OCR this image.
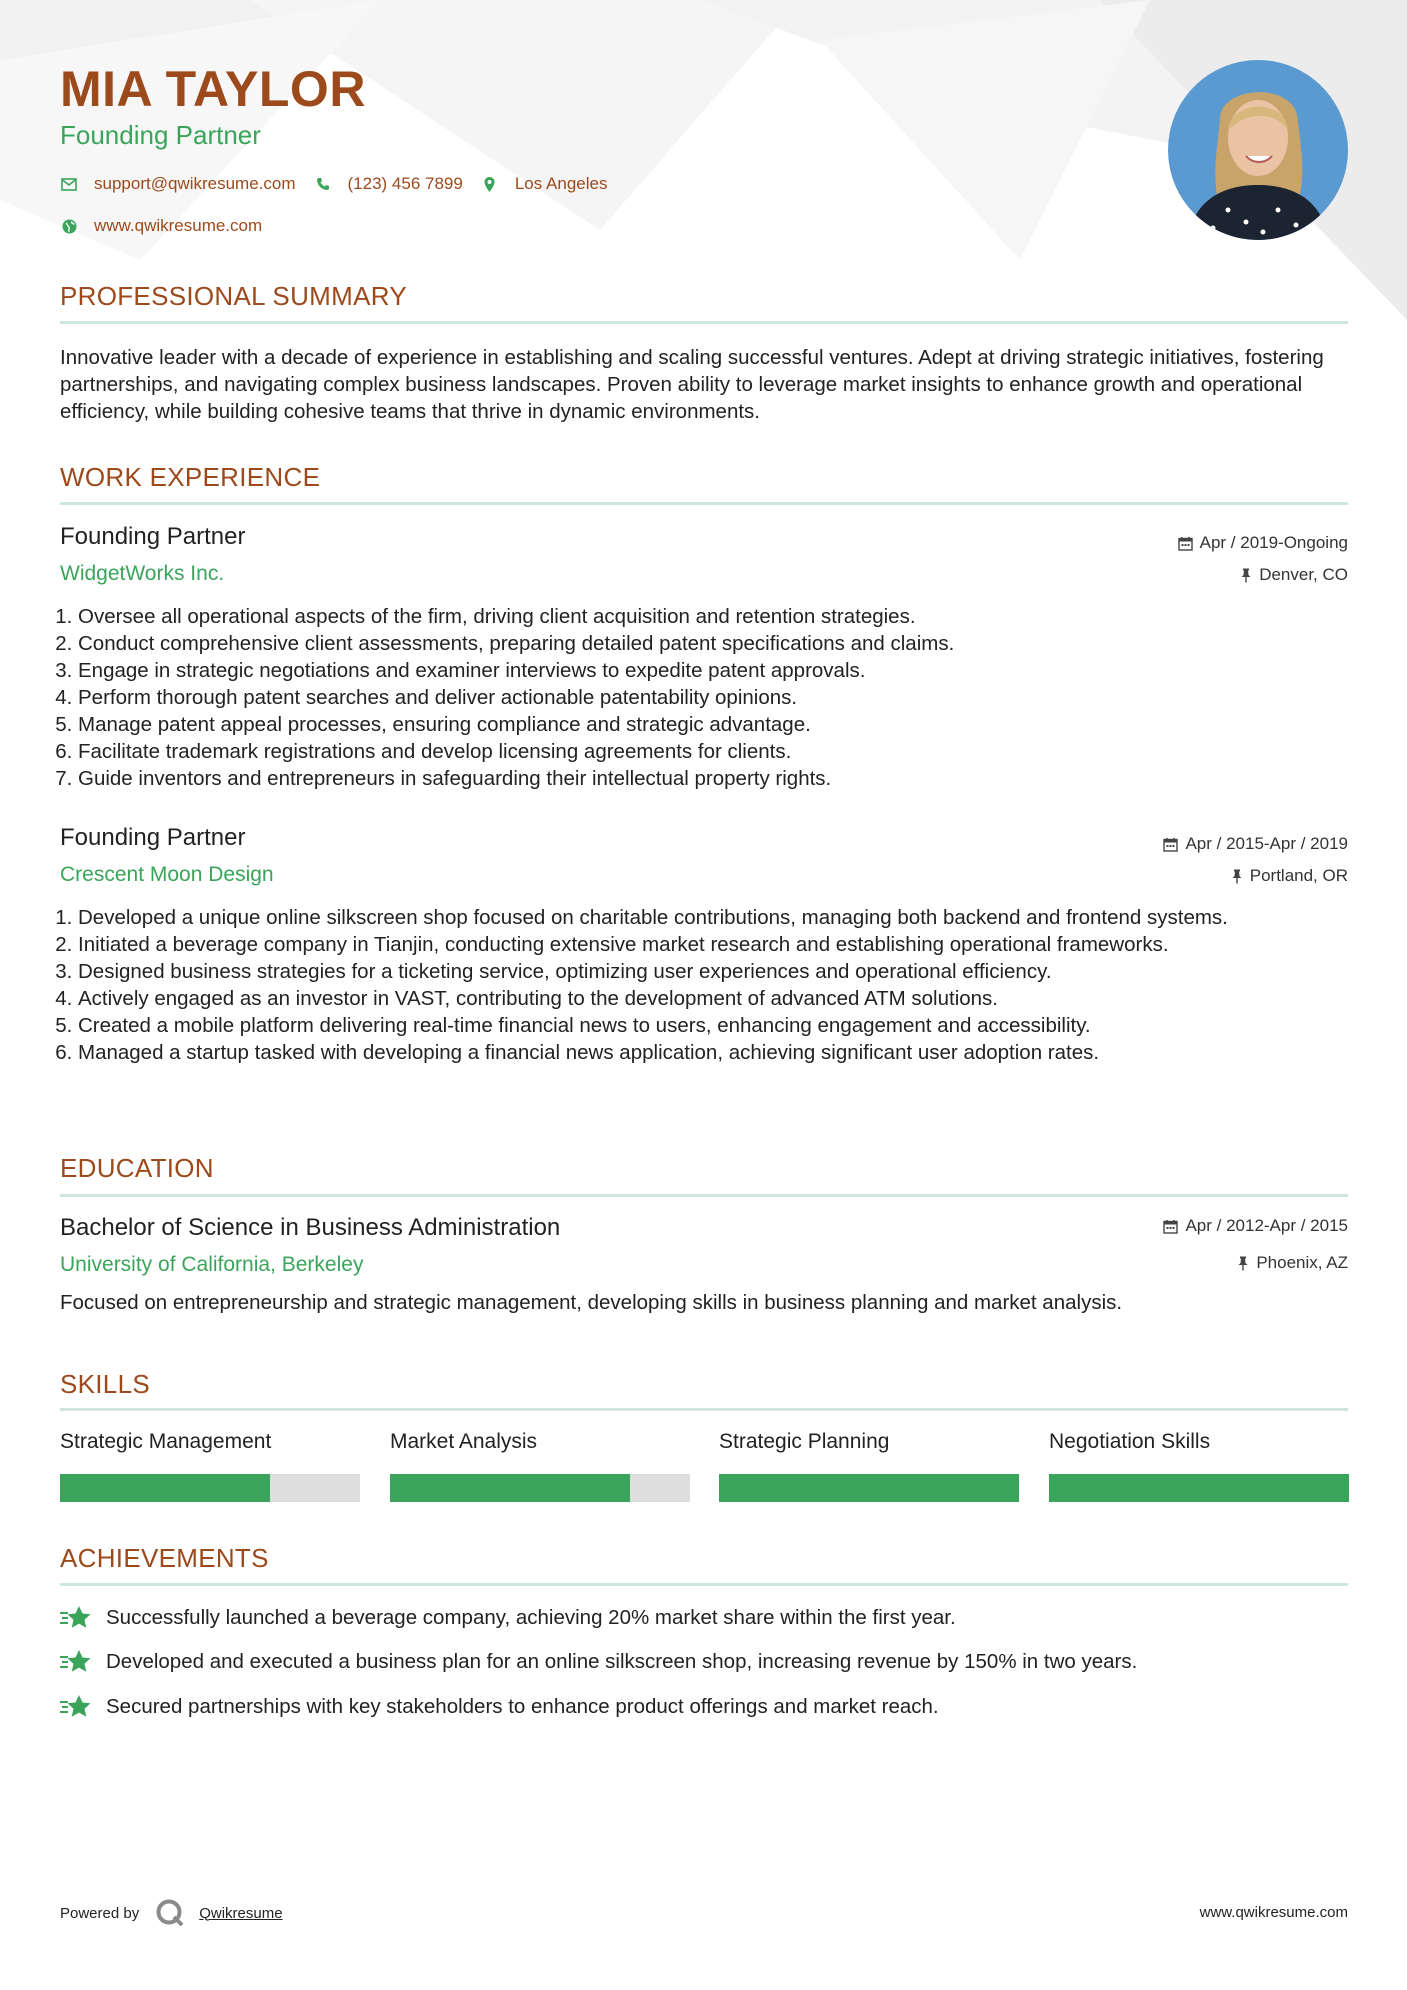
MIA TAYLOR
Founding Partner
support@qwikresume.com	(123) 456 7899	Los Angeles
www.qwikresume.com
PROFESSIONAL SUMMARY
Innovative leader with a decade of experience in establishing and scaling successful ventures. Adept at driving strategic initiatives, fostering partnerships, and navigating complex business landscapes. Proven ability to leverage market insights to enhance growth and operational efficiency, while building cohesive teams that thrive in dynamic environments.
WORK EXPERIENCE
Founding Partner
WidgetWorks Inc.
Apr / 2019-Ongoing
Denver, CO
1. Oversee all operational aspects of the firm, driving client acquisition and retention strategies.
2. Conduct comprehensive client assessments, preparing detailed patent specifications and claims.
3. Engage in strategic negotiations and examiner interviews to expedite patent approvals.
4. Perform thorough patent searches and deliver actionable patentability opinions.
5. Manage patent appeal processes, ensuring compliance and strategic advantage.
6. Facilitate trademark registrations and develop licensing agreements for clients.
7. Guide inventors and entrepreneurs in safeguarding their intellectual property rights.
Founding Partner
Crescent Moon Design
Apr / 2015-Apr / 2019
Portland, OR
1. Developed a unique online silkscreen shop focused on charitable contributions, managing both backend and frontend systems.
2. Initiated a beverage company in Tianjin, conducting extensive market research and establishing operational frameworks.
3. Designed business strategies for a ticketing service, optimizing user experiences and operational efficiency.
4. Actively engaged as an investor in VAST, contributing to the development of advanced ATM solutions.
5. Created a mobile platform delivering real-time financial news to users, enhancing engagement and accessibility.
6. Managed a startup tasked with developing a financial news application, achieving significant user adoption rates.
EDUCATION
Bachelor of Science in Business Administration
University of California, Berkeley
Apr / 2012-Apr / 2015
Phoenix, AZ
Focused on entrepreneurship and strategic management, developing skills in business planning and market analysis.
SKILLS
Strategic Management	Market Analysis	Strategic Planning	Negotiation Skills
ACHIEVEMENTS
Successfully launched a beverage company, achieving 20% market share within the first year.
Developed and executed a business plan for an online silkscreen shop, increasing revenue by 150% in two years.
Secured partnerships with key stakeholders to enhance product offerings and market reach.
Powered by	Qwikresume	www.qwikresume.com
